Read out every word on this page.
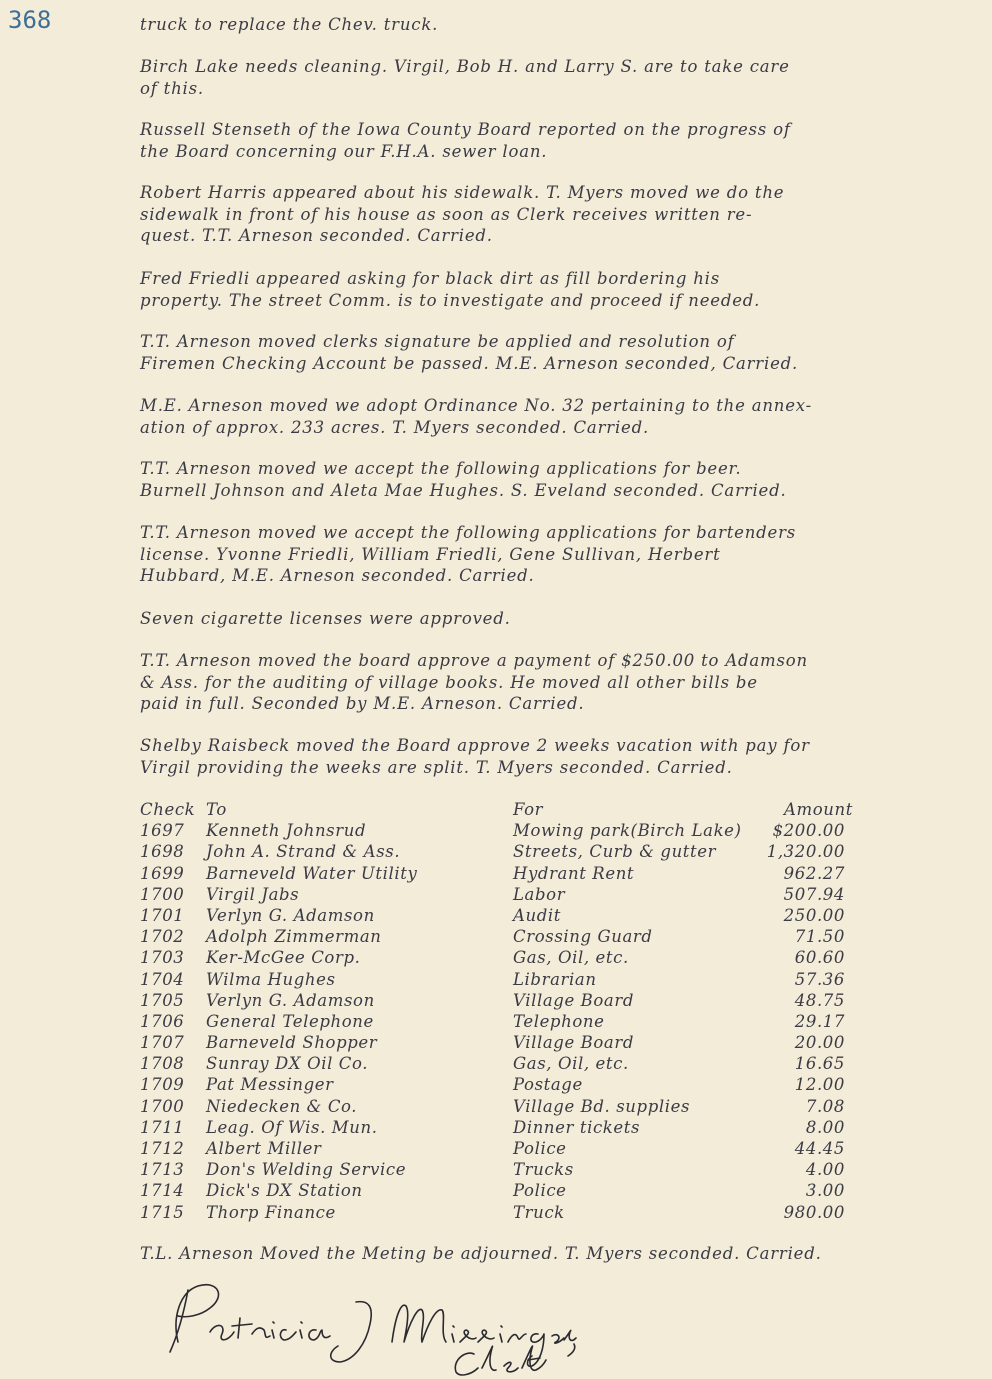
368	truck to replace the Chev. truck.
Birch Lake needs cleaning. Virgil, Bob H. and Larry S. are to take care
of this.
Russell Stenseth of the Iowa County Board reported on the progress of
the Board concerning our F.H.A. sewer loan.
Robert Harris appeared about his sidewalk. T. Myers moved we do the
sidewalk in front of his house as soon as Clerk receives written re-
quest. T.T. Arneson seconded. Carried.
Fred Friedli appeared asking for black dirt as fill bordering his
property. The street Comm. is to investigate and proceed if needed.
T.T. Arneson moved clerks signature be applied and resolution of
Firemen Checking Account be passed. M.E. Arneson seconded, Carried.
M.E. Arneson moved we adopt Ordinance No. 32 pertaining to the annex-
ation of approx. 233 acres. T. Myers seconded. Carried.
T.T. Arneson moved we accept the following applications for beer.
Burnell Johnson and Aleta Mae Hughes. S. Eveland seconded. Carried.
T.T. Arneson moved we accept the following applications for bartenders
license. Yvonne Friedli, William Friedli, Gene Sullivan, Herbert
Hubbard, M.E. Arneson seconded. Carried.
Seven cigarette licenses were approved.
T.T. Arneson moved the board approve a payment of $250.00 to Adamson
& Ass. for the auditing of village books. He moved all other bills be
paid in full. Seconded by M.E. Arneson. Carried.
Shelby Raisbeck moved the Board approve 2 weeks vacation with pay for
Virgil providing the weeks are split. T. Myers seconded. Carried.
Check To	For	Amount
1697 Kenneth Johnsrud	Mowing park(Birch Lake) $200.00
1698 John A. Strand & Ass.	Streets, Curb & gutter	1,320.00
1699 Barneveld Water Utility	Hydrant Rent	962.27
1700 Virgil Jabs	Labor	507.94
1701 Verlyn G. Adamson	Audit	250.00
1702 Adolph Zimmerman	Crossing Guard	71.50
1703 Ker-McGee Corp.	Gas, Oil, etc.	60.60
1704 Wilma Hughes	Librarian	57.36
1705 Verlyn G. Adamson	Village Board	48.75
1706 General Telephone	Telephone	29.17
1707 Barneveld Shopper	Village Board	20.00
1708 Sunray DX Oil Co.	Gas, Oil, etc.	16.65
1709 Pat Messinger	Postage	12.00
1700 Niedecken & Co.	Village Bd. supplies	7.08
1711 Leag. Of Wis. Mun.	Dinner tickets	8.00
1712 Albert Miller	Police	44.45
1713 Don's Welding Service	Trucks	4.00
1714 Dick's DX Station	Police	3.00
1715 Thorp Finance	Truck	980.00
T.L. Arneson Moved the Meting be adjourned. T. Myers seconded. Carried.
